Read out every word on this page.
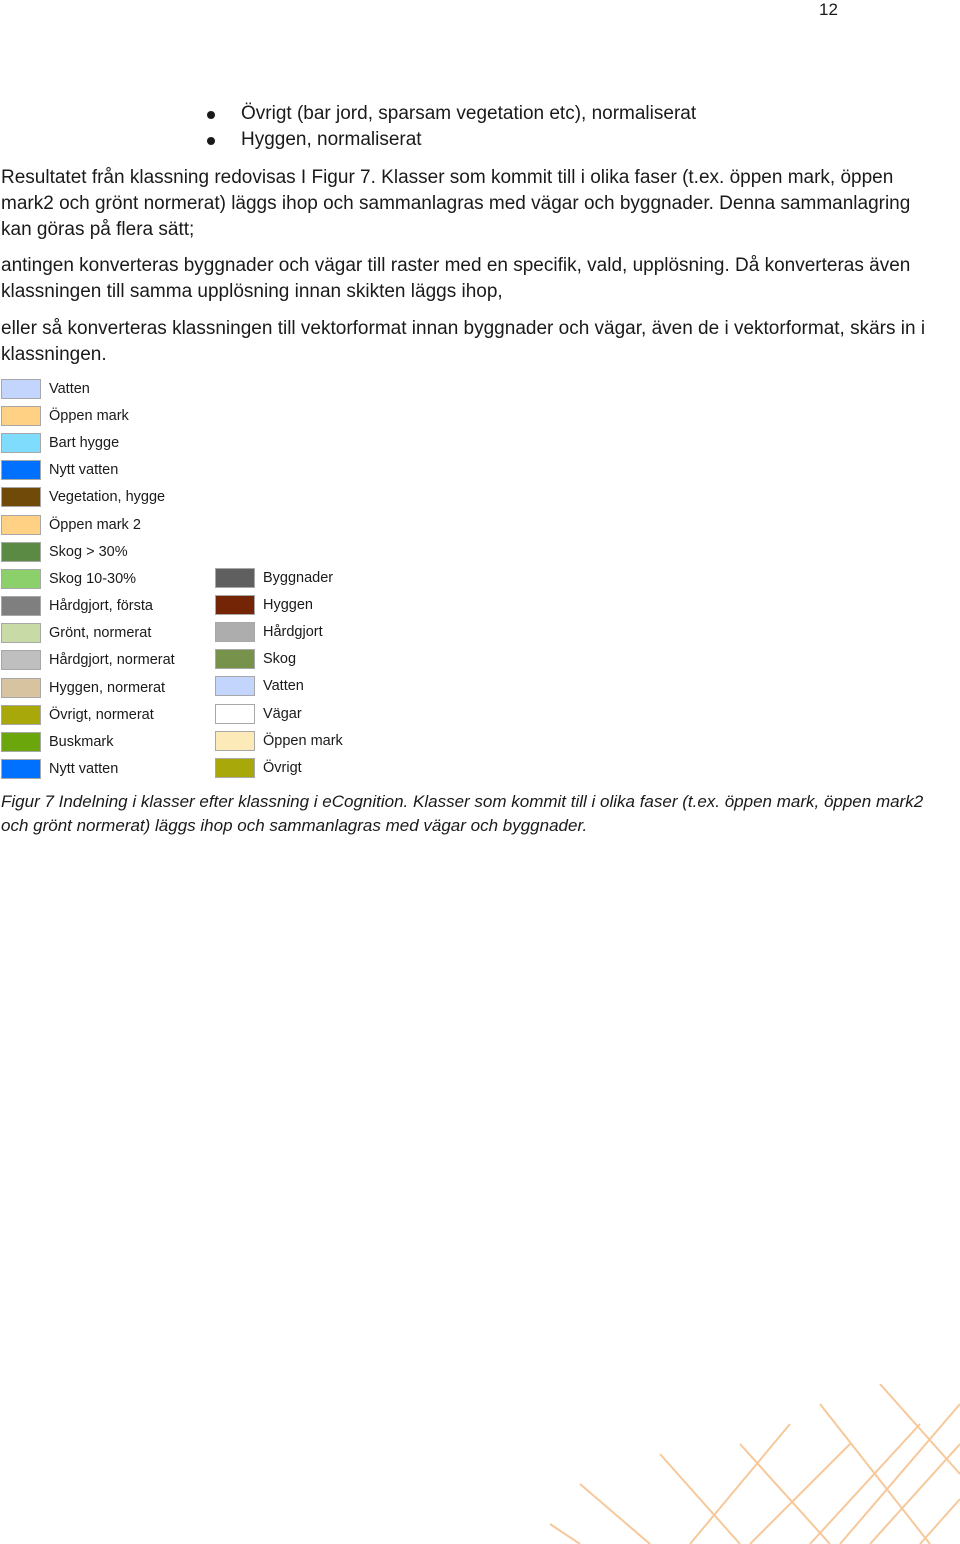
12
Övrigt (bar jord, sparsam vegetation etc), normaliserat
Hyggen, normaliserat

Resultatet från klassning redovisas I Figur 7. Klasser som kommit till i olika faser (t.ex. öppen mark, öppen mark2 och grönt normerat) läggs ihop och sammanlagras med vägar och byggnader. Denna sammanlagring kan göras på flera sätt;

antingen konverteras byggnader och vägar till raster med en specifik, vald, upplösning. Då konverteras även klassningen till samma upplösning innan skikten läggs ihop,

eller så konverteras klassningen till vektorformat innan byggnader och vägar, även de i vektorformat, skärs in i klassningen.

Vatten
Öppen mark
Bart hygge
Nytt vatten
Vegetation, hygge
Öppen mark 2
Skog > 30%
Skog 10-30%
Hårdgjort, första
Grönt, normerat
Hårdgjort, normerat
Hyggen, normerat
Övrigt, normerat
Buskmark
Nytt vatten
Byggnader
Hyggen
Hårdgjort
Skog
Vatten
Vägar
Öppen mark
Övrigt

Figur 7 Indelning i klasser efter klassning i eCognition. Klasser som kommit till i olika faser (t.ex. öppen mark, öppen mark2 och grönt normerat) läggs ihop och sammanlagras med vägar och byggnader.
